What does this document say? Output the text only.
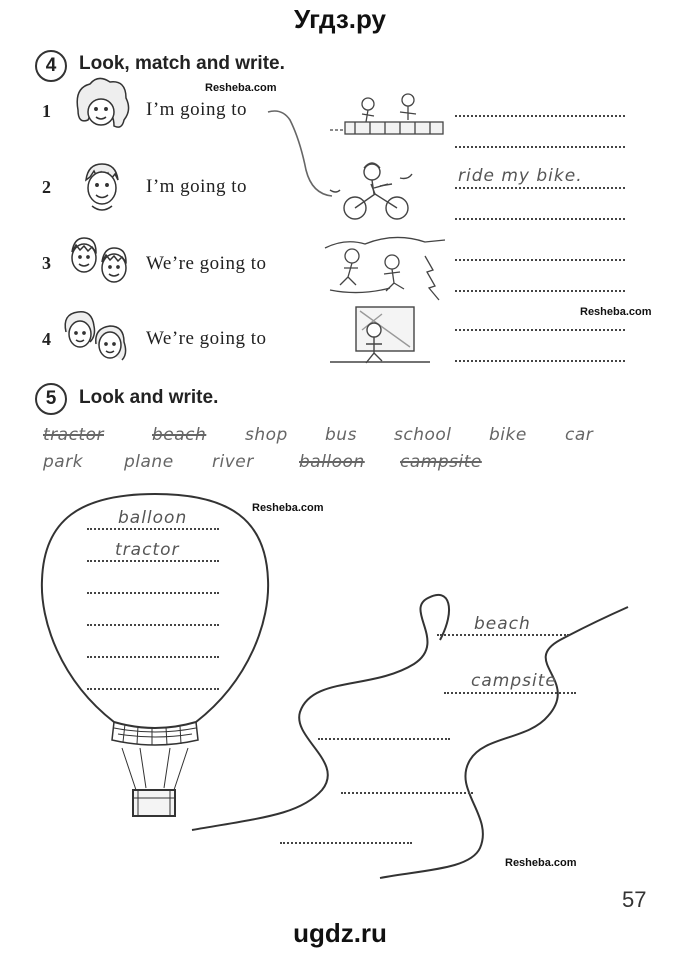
Угдз.ру
4	Look, match and write.
Resheba.com
1
2
3
4
I’m going to
I’m going to
We’re going to
We’re going to
ride my bike.
Resheba.com
5	Look and write.
tractor	beach shop bus school bike car
park plane river	balloon campsite
Resheba.com
balloon
tractor
beach
campsite
Resheba.com
57
ugdz.ru
